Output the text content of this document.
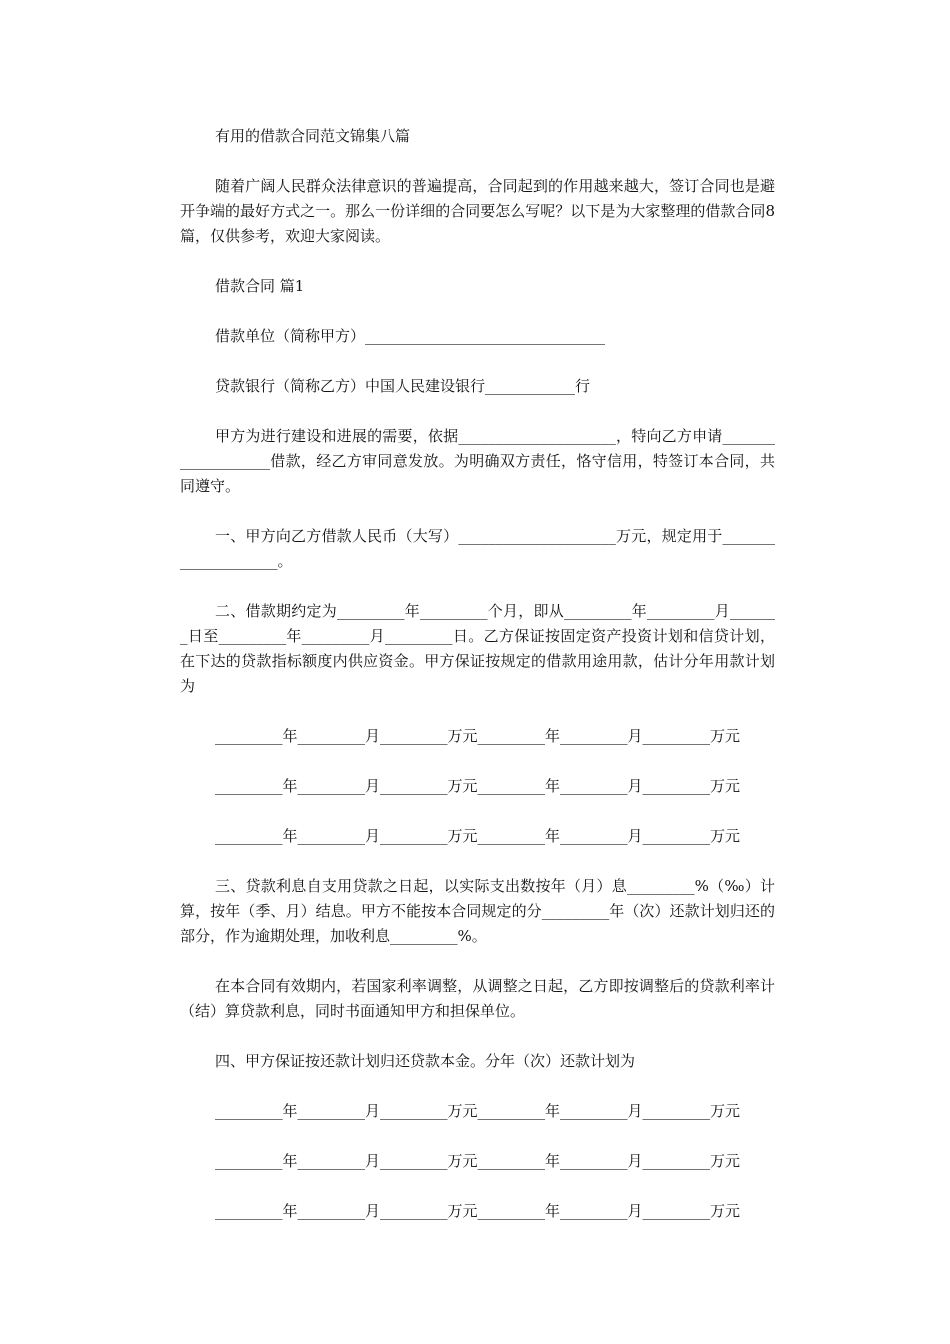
有用的借款合同范文锦集八篇

随着广阔人民群众法律意识的普遍提高，合同起到的作用越来越大，签订合同也是避开争端的最好方式之一。那么一份详细的合同要怎么写呢？以下是为大家整理的借款合同8篇，仅供参考，欢迎大家阅读。

借款合同 篇1

借款单位（简称甲方）________________________________

贷款银行（简称乙方）中国人民建设银行____________行

甲方为进行建设和进展的需要，依据_____________________，特向乙方申请___________________借款，经乙方审同意发放。为明确双方责任，恪守信用，特签订本合同，共同遵守。

一、甲方向乙方借款人民币（大写）_____________________万元，规定用于____________________。

二、借款期约定为_________年_________个月，即从_________年_________月_______日至_________年_________月_________日。乙方保证按固定资产投资计划和信贷计划，在下达的贷款指标额度内供应资金。甲方保证按规定的借款用途用款，估计分年用款计划为

_________年_________月_________万元_________年_________月_________万元

_________年_________月_________万元_________年_________月_________万元

_________年_________月_________万元_________年_________月_________万元

三、贷款利息自支用贷款之日起，以实际支出数按年（月）息_________%（‰）计算，按年（季、月）结息。甲方不能按本合同规定的分_________年（次）还款计划归还的部分，作为逾期处理，加收利息_________%。

在本合同有效期内，若国家利率调整，从调整之日起，乙方即按调整后的贷款利率计（结）算贷款利息，同时书面通知甲方和担保单位。

四、甲方保证按还款计划归还贷款本金。分年（次）还款计划为

_________年_________月_________万元_________年_________月_________万元

_________年_________月_________万元_________年_________月_________万元

_________年_________月_________万元_________年_________月_________万元
